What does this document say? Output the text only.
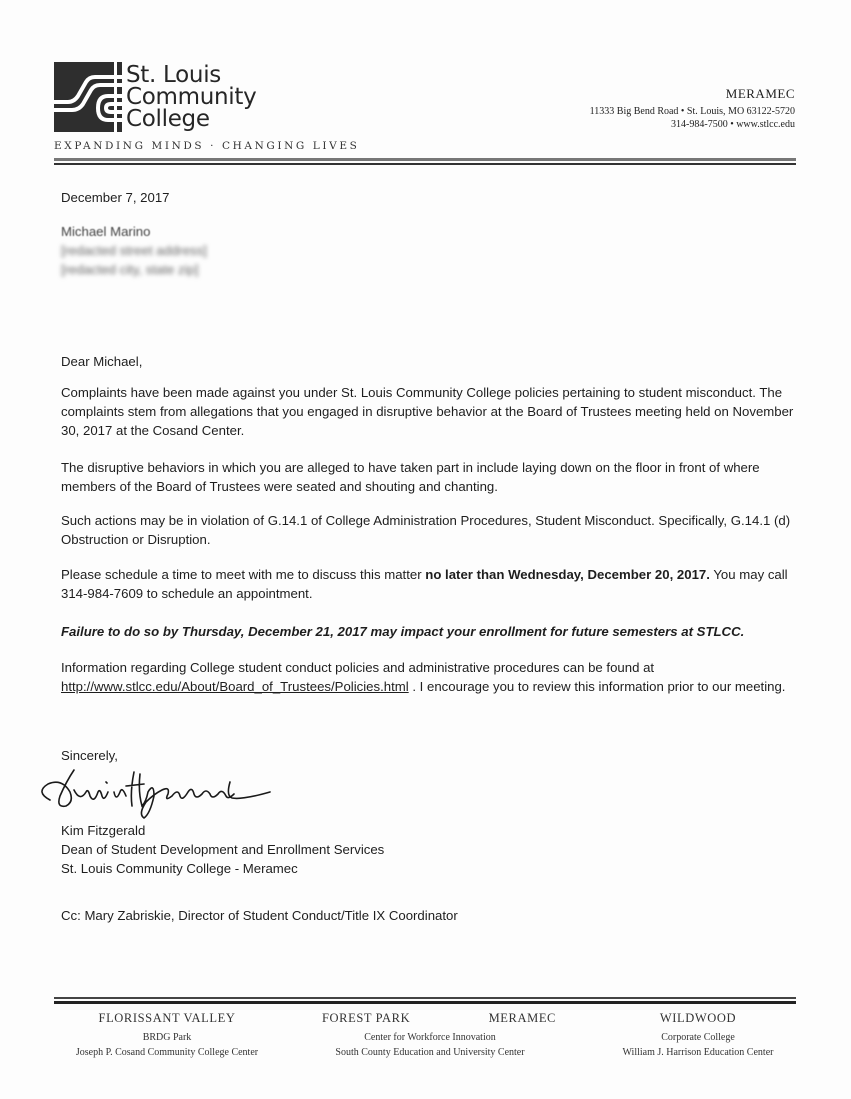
St. Louis
Community
College
EXPANDING MINDS · CHANGING LIVES
MERAMEC
11333 Big Bend Road • St. Louis, MO 63122-5720
314-984-7500 • www.stlcc.edu
December 7, 2017
Michael Marino
[redacted street address]
[redacted city, state zip]
Dear Michael,
Complaints have been made against you under St. Louis Community College policies pertaining to student misconduct. The complaints stem from allegations that you engaged in disruptive behavior at the Board of Trustees meeting held on November 30, 2017 at the Cosand Center.
The disruptive behaviors in which you are alleged to have taken part in include laying down on the floor in front of where members of the Board of Trustees were seated and shouting and chanting.
Such actions may be in violation of G.14.1 of College Administration Procedures, Student Misconduct. Specifically, G.14.1 (d) Obstruction or Disruption.
Please schedule a time to meet with me to discuss this matter no later than Wednesday, December 20, 2017. You may call 314-984-7609 to schedule an appointment.
Failure to do so by Thursday, December 21, 2017 may impact your enrollment for future semesters at STLCC.
Information regarding College student conduct policies and administrative procedures can be found at http://www.stlcc.edu/About/Board_of_Trustees/Policies.html . I encourage you to review this information prior to our meeting.
Sincerely,
Kim Fitzgerald
Dean of Student Development and Enrollment Services
St. Louis Community College - Meramec
Cc: Mary Zabriskie, Director of Student Conduct/Title IX Coordinator
FLORISSANT VALLEY
BRDG Park
Joseph P. Cosand Community College Center
FOREST PARK	MERAMEC
Center for Workforce Innovation
South County Education and University Center
WILDWOOD
Corporate College
William J. Harrison Education Center
